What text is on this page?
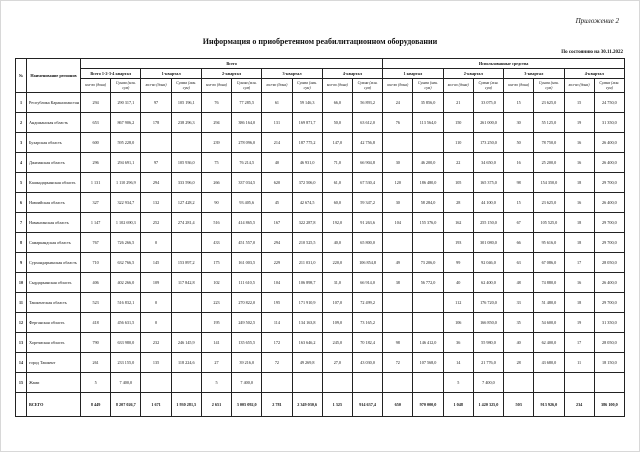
Приложение 2
Информация о приобретенном реабилитационном оборудовании
По состоянию на 30.11.2022
№	Наименование регионов	Всего										Использованные средства							
		Всего 1-2-3-4 квартал		1-квартал		2-квартал		3-квартал		4-квартал		1 квартал		2-квартал		3-квартал		4-квартал	
		кол-во (дона)	Сумма (млн. сум)	кол-во (дона)	Сумма (млн. сум)	кол-во (дона)	Сумма (млн. сум)	кол-во (дона)	Сумма (млн. сум)	кол-во (дона)	Сумма (млн. сум)	кол-во (дона)	Сумма (млн. сум)	кол-во (дона)	Сумма (млн. сум)	кол-во (дона)	Сумма (млн. сум)	кол-во (дона)	Сумма (млн. сум)
1	Республика Каракалпакстан	294	290 317,1	97	105 196,1	76	77 285,5	61	59 146,3	66,0	56 893,2	24	35 856,0	21	33 075,0	15	23 625,0	15	24 750,0
2	Андижанская область	653	867 906,2	178	238 296,3	294	386 164,0	131	169 871,7	50,0	63 612,0	76	113 564,0	150	261 000,0	30	55 125,0	19	31 350,0
3	Бухарская область	600	595 228,0			239	278 096,0	214	187 775,2	147,0	42 756,8			110	173 250,0	50	78 750,0	16	26 400,0
4	Джизакская область	296	294 691,1	97	105 936,0	75	76 214,5	40	46 931,0	71,0	66 904,8	30	46 200,0	22	34 650,0	16	25 200,0	16	26 400,0
5	Кашкадарьинская область	1 131	1 110 296,9	294	333 596,0	266	337 034,5	620	372 506,0	61,0	67 530,4	120	186 480,0	105	165 375,0	98	154 350,0	18	29 700,0
6	Навоийская область	327	322 934,7	132	127 428,2	90	93 405,6	45	42 674,5	60,0	59 347,2	30	58 284,0	28	44 100,0	15	23 625,0	16	26 400,0
7	Наманганская область	1 147	1 102 690,3	252	274 281,4	516	414 865,5	167	322 287,8	192,0	91 263,6	104	155 376,0	162	255 150,0	67	105 525,0	18	29 700,0
8	Самаркандская область	767	726 266,5	0		433	451 557,0	294	210 525,5	40,0	65 800,0			193	301 080,0	66	95 616,0	18	29 700,0
9	Сурхандарьинская область	710	632 766,5	145	153 897,2	175	161 003,5	229	211 031,0	220,0	106 854,8	49	73 206,0	99	92 046,0	63	67 086,0	17	28 050,0
10	Сырдарьинская область	406	402 266,0	109	117 842,8	102	111 610,5	104	106 898,7	31,0	66 914,0	38	56 772,0	40	62 400,0	48	74 880,0	16	26 400,0
11	Ташкентская область	523	516 832,1	0		223	270 822,0	195	171 910,9	107,0	72 499,2			112	176 720,0	33	51 480,0	18	29 700,0
12	Ферганская область	418	456 631,5	0		195	249 502,5	114	134 163,8	109,0	73 165,2			106	166 850,0	35	54 600,0	19	31 350,0
13	Хорезмская область	790	633 980,0	232	246 145,9	141	135 655,5	172	163 646,2	245,0	70 182,4	98	146 412,0	36	55 980,0	40	62 400,0	17	28 050,0
14	город Ташкент	261	233 155,0	135	118 224,6	27	39 216,0	72	49 269,8	27,0	43 030,0	72	107 568,0	14	21 776,0	28	43 680,0	11	18 150,0
15	Жами	5	7 400,0			5	7 400,0							5	7 400,0				
	ВСЕГО	8 449	8 207 026,7	1 671	1 930 281,5	2 651	3 005 092,0	2 781	2 349 030,6	1 325	914 637,4	650	970 000,0	1 048	1 420 325,0	503	913 926,0	234	386 100,0
